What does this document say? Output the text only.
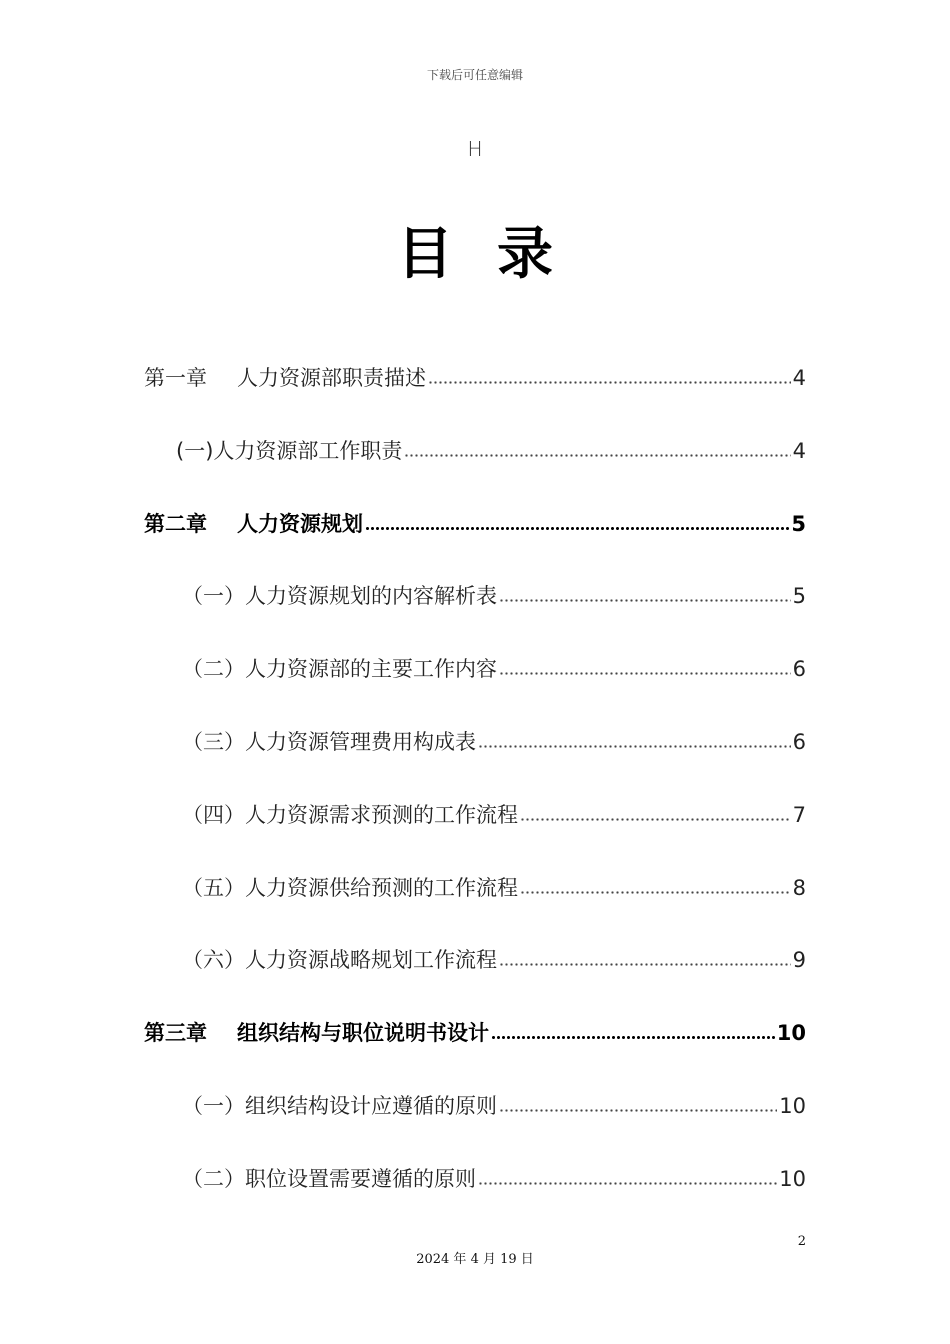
下载后可任意编辑
H
目录
第一章 人力资源部职责描述	4
(一)人力资源部工作职责	4
第二章 人力资源规划	5
（一）人力资源规划的内容解析表	5
（二）人力资源部的主要工作内容	6
（三）人力资源管理费用构成表	6
（四）人力资源需求预测的工作流程	7
（五）人力资源供给预测的工作流程	8
（六）人力资源战略规划工作流程	9
第三章 组织结构与职位说明书设计	10
（一）组织结构设计应遵循的原则	10
（二）职位设置需要遵循的原则	10
2
2024 年 4 月 19 日
